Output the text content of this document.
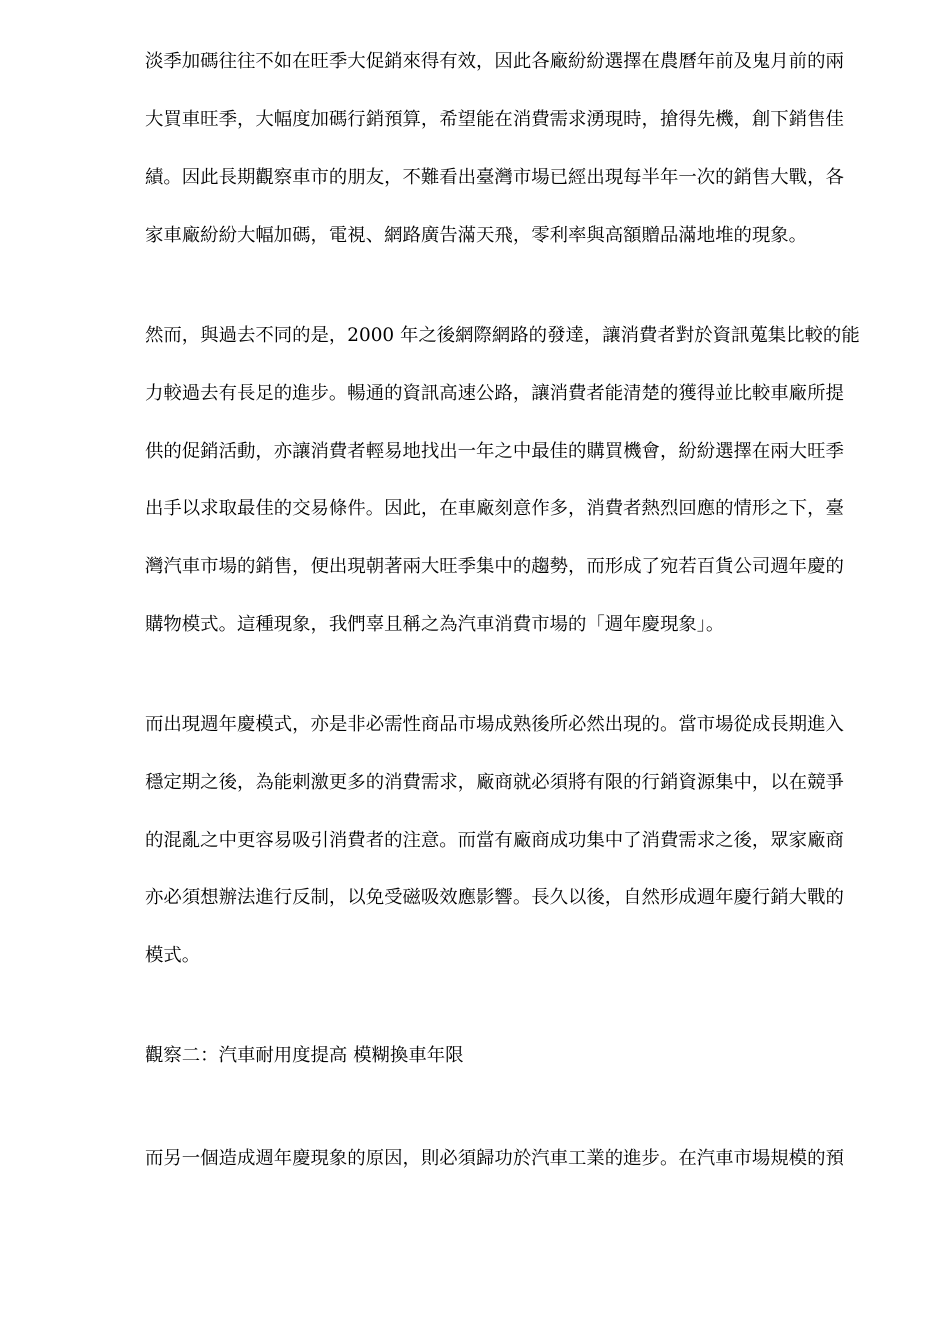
淡季加碼往往不如在旺季大促銷來得有效，因此各廠紛紛選擇在農曆年前及鬼月前的兩
大買車旺季，大幅度加碼行銷預算，希望能在消費需求湧現時，搶得先機，創下銷售佳
績。因此長期觀察車市的朋友，不難看出臺灣市場已經出現每半年一次的銷售大戰，各
家車廠紛紛大幅加碼，電視、網路廣告滿天飛，零利率與高額贈品滿地堆的現象。
然而，與過去不同的是，2000 年之後網際網路的發達，讓消費者對於資訊蒐集比較的能
力較過去有長足的進步。暢通的資訊高速公路，讓消費者能清楚的獲得並比較車廠所提
供的促銷活動，亦讓消費者輕易地找出一年之中最佳的購買機會，紛紛選擇在兩大旺季
出手以求取最佳的交易條件。因此，在車廠刻意作多，消費者熱烈回應的情形之下，臺
灣汽車市場的銷售，便出現朝著兩大旺季集中的趨勢，而形成了宛若百貨公司週年慶的
購物模式。這種現象，我們辜且稱之為汽車消費市場的「週年慶現象」。
而出現週年慶模式，亦是非必需性商品市場成熟後所必然出現的。當市場從成長期進入
穩定期之後，為能刺激更多的消費需求，廠商就必須將有限的行銷資源集中，以在競爭
的混亂之中更容易吸引消費者的注意。而當有廠商成功集中了消費需求之後，眾家廠商
亦必須想辦法進行反制，以免受磁吸效應影響。長久以後，自然形成週年慶行銷大戰的
模式。
觀察二：汽車耐用度提高 模糊換車年限
而另一個造成週年慶現象的原因，則必須歸功於汽車工業的進步。在汽車市場規模的預
